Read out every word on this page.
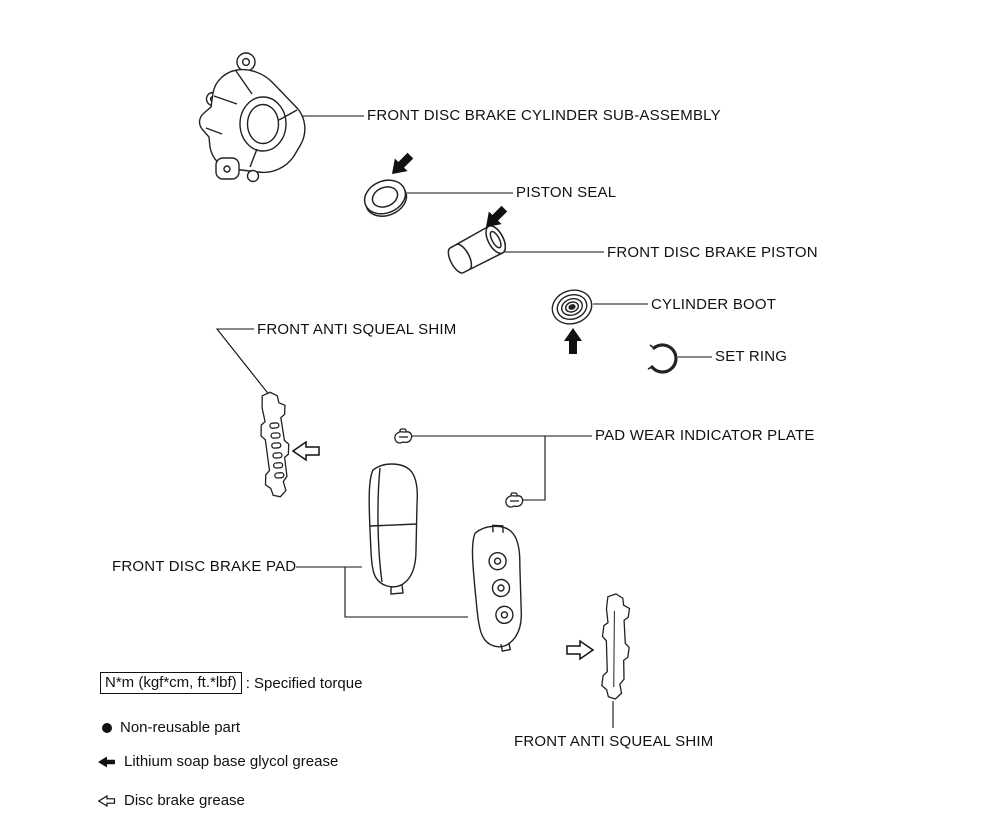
FRONT DISC BRAKE CYLINDER SUB-ASSEMBLY
PISTON SEAL
FRONT DISC BRAKE PISTON
CYLINDER BOOT
SET RING
FRONT ANTI SQUEAL SHIM
PAD WEAR INDICATOR PLATE
FRONT DISC BRAKE PAD
FRONT ANTI SQUEAL SHIM
N*m (kgf*cm, ft.*lbf) : Specified torque
Non-reusable part
Lithium soap base glycol grease
Disc brake grease
